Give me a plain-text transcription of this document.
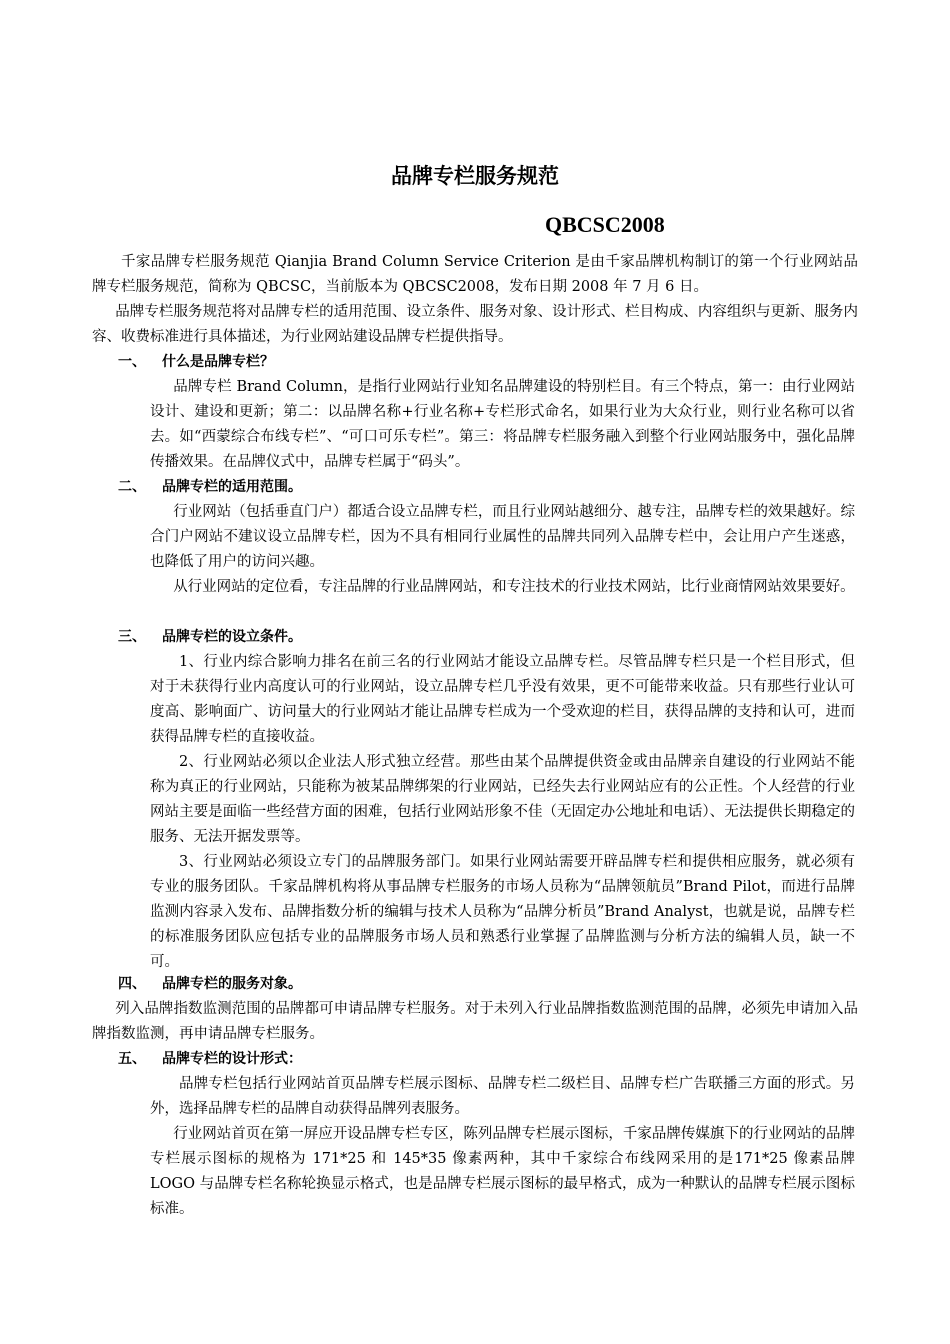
品牌专栏服务规范
QBCSC2008

千家品牌专栏服务规范 Qianjia Brand Column Service Criterion 是由千家品牌机构制订的第一个行业网站品牌专栏服务规范，简称为 QBCSC，当前版本为 QBCSC2008，发布日期 2008 年 7 月 6 日。

品牌专栏服务规范将对品牌专栏的适用范围、设立条件、服务对象、设计形式、栏目构成、内容组织与更新、服务内容、收费标准进行具体描述，为行业网站建设品牌专栏提供指导。

一、 什么是品牌专栏？

品牌专栏 Brand Column，是指行业网站行业知名品牌建设的特别栏目。有三个特点，第一：由行业网站设计、建设和更新；第二：以品牌名称+行业名称+专栏形式命名，如果行业为大众行业，则行业名称可以省去。如“西蒙综合布线专栏”、“可口可乐专栏”。第三：将品牌专栏服务融入到整个行业网站服务中，强化品牌传播效果。在品牌仪式中，品牌专栏属于“码头”。

二、 品牌专栏的适用范围。

行业网站（包括垂直门户）都适合设立品牌专栏，而且行业网站越细分、越专注，品牌专栏的效果越好。综合门户网站不建议设立品牌专栏，因为不具有相同行业属性的品牌共同列入品牌专栏中，会让用户产生迷惑，也降低了用户的访问兴趣。

从行业网站的定位看，专注品牌的行业品牌网站，和专注技术的行业技术网站，比行业商情网站效果要好。

三、 品牌专栏的设立条件。

1、行业内综合影响力排名在前三名的行业网站才能设立品牌专栏。尽管品牌专栏只是一个栏目形式，但对于未获得行业内高度认可的行业网站，设立品牌专栏几乎没有效果，更不可能带来收益。只有那些行业认可度高、影响面广、访问量大的行业网站才能让品牌专栏成为一个受欢迎的栏目，获得品牌的支持和认可，进而获得品牌专栏的直接收益。

2、行业网站必须以企业法人形式独立经营。那些由某个品牌提供资金或由品牌亲自建设的行业网站不能称为真正的行业网站，只能称为被某品牌绑架的行业网站，已经失去行业网站应有的公正性。个人经营的行业网站主要是面临一些经营方面的困难，包括行业网站形象不佳（无固定办公地址和电话）、无法提供长期稳定的服务、无法开据发票等。

3、行业网站必须设立专门的品牌服务部门。如果行业网站需要开辟品牌专栏和提供相应服务，就必须有专业的服务团队。千家品牌机构将从事品牌专栏服务的市场人员称为“品牌领航员”Brand Pilot，而进行品牌监测内容录入发布、品牌指数分析的编辑与技术人员称为“品牌分析员”Brand Analyst，也就是说，品牌专栏的标准服务团队应包括专业的品牌服务市场人员和熟悉行业掌握了品牌监测与分析方法的编辑人员，缺一不可。

四、 品牌专栏的服务对象。

列入品牌指数监测范围的品牌都可申请品牌专栏服务。对于未列入行业品牌指数监测范围的品牌，必须先申请加入品牌指数监测，再申请品牌专栏服务。

五、 品牌专栏的设计形式：

品牌专栏包括行业网站首页品牌专栏展示图标、品牌专栏二级栏目、品牌专栏广告联播三方面的形式。另外，选择品牌专栏的品牌自动获得品牌列表服务。

行业网站首页在第一屏应开设品牌专栏专区，陈列品牌专栏展示图标，千家品牌传媒旗下的行业网站的品牌专栏展示图标的规格为 171*25 和 145*35 像素两种，其中千家综合布线网采用的是171*25 像素品牌 LOGO 与品牌专栏名称轮换显示格式，也是品牌专栏展示图标的最早格式，成为一种默认的品牌专栏展示图标标准。
